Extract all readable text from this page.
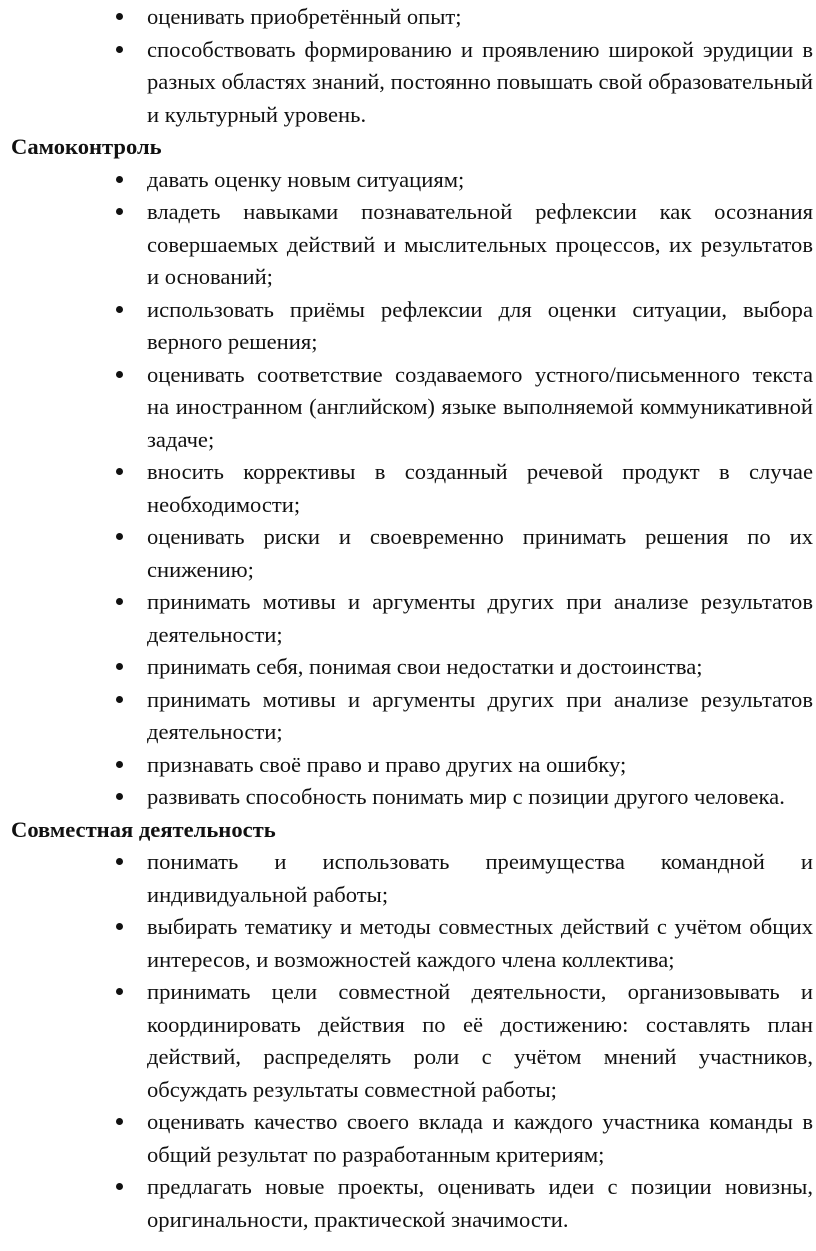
оценивать приобретённый опыт;
способствовать формированию и проявлению широкой эрудиции в разных областях знаний, постоянно повышать свой образовательный и культурный уровень.
Самоконтроль
давать оценку новым ситуациям;
владеть навыками познавательной рефлексии как осознания совершаемых действий и мыслительных процессов, их результатов и оснований;
использовать приёмы рефлексии для оценки ситуации, выбора верного решения;
оценивать соответствие создаваемого устного/письменного текста на иностранном (английском) языке выполняемой коммуникативной задаче;
вносить коррективы в созданный речевой продукт в случае необходимости;
оценивать риски и своевременно принимать решения по их снижению;
принимать мотивы и аргументы других при анализе результатов деятельности;
принимать себя, понимая свои недостатки и достоинства;
принимать мотивы и аргументы других при анализе результатов деятельности;
признавать своё право и право других на ошибку;
развивать способность понимать мир с позиции другого человека.
Совместная деятельность
понимать и использовать преимущества командной и индивидуальной работы;
выбирать тематику и методы совместных действий с учётом общих интересов, и возможностей каждого члена коллектива;
принимать цели совместной деятельности, организовывать и координировать действия по её достижению: составлять план действий, распределять роли с учётом мнений участников, обсуждать результаты совместной работы;
оценивать качество своего вклада и каждого участника команды в общий результат по разработанным критериям;
предлагать новые проекты, оценивать идеи с позиции новизны, оригинальности, практической значимости.
